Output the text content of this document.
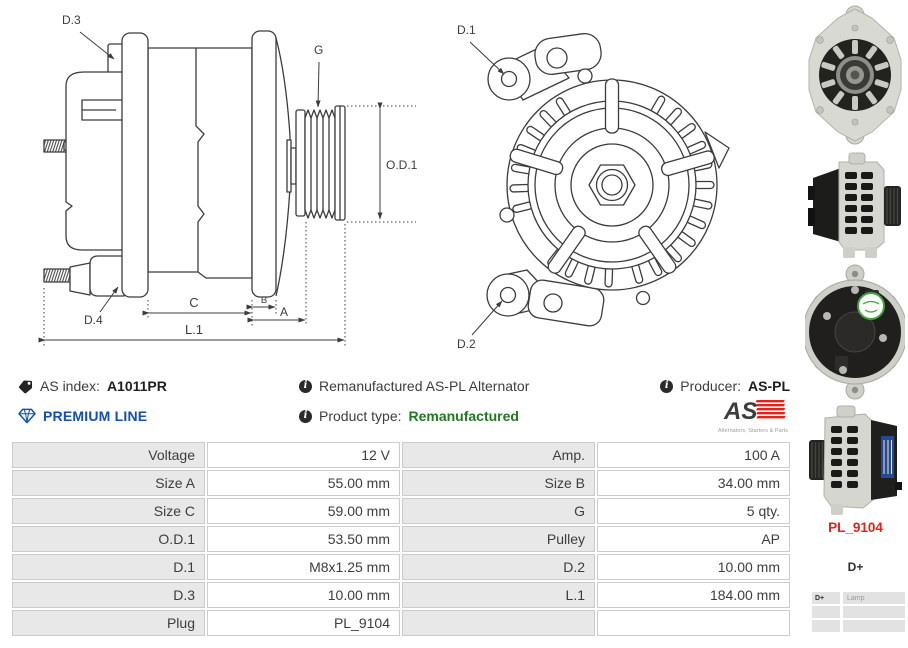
D.3
D.4
G
O.D.1
C	B
A
L.1
D.1
D.2
PL_9104
D+
D+	Lamp
AS index: A1011PR i	Remanufactured AS-PL Alternator i	Producer: AS-PL
PREMIUM LINE i	Product type: Remanufactured	AS
Alternators, Starters & Parts
Voltage	12 V	Amp.	100 A
Size A	55.00 mm	Size B	34.00 mm
Size C	59.00 mm	G	5 qty.
O.D.1	53.50 mm	Pulley	AP
D.1	M8x1.25 mm	D.2	10.00 mm
D.3	10.00 mm	L.1	184.00 mm
Plug	PL_9104
